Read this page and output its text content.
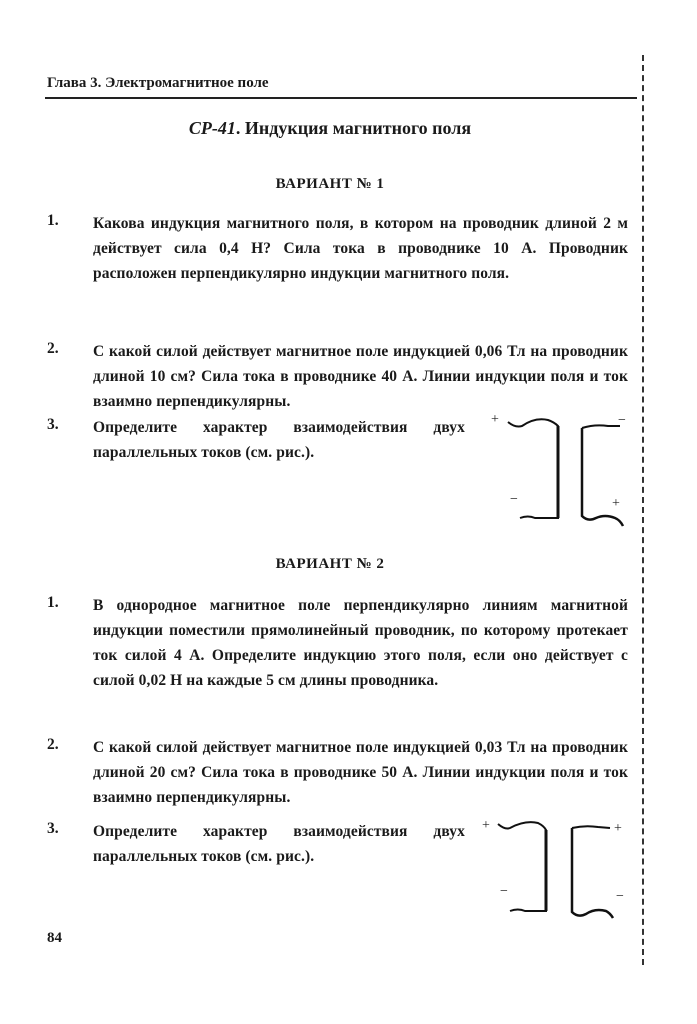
Глава 3. Электромагнитное поле
СР-41. Индукция магнитного поля
ВАРИАНТ № 1
1. Какова индукция магнитного поля, в котором на проводник длиной 2 м действует сила 0,4 Н? Сила тока в проводнике 10 А. Проводник расположен перпендикулярно индукции магнитного поля.
2. С какой силой действует магнитное поле индукцией 0,06 Тл на проводник длиной 10 см? Сила тока в проводнике 40 А. Линии индукции поля и ток взаимно перпендикулярны.
3. Определите характер взаимодействия двух параллельных токов (см. рис.).
+
−
−
+
ВАРИАНТ № 2
1. В однородное магнитное поле перпендикулярно линиям магнитной индукции поместили прямолинейный проводник, по которому протекает ток силой 4 А. Определите индукцию этого поля, если оно действует с силой 0,02 Н на каждые 5 см длины проводника.
2. С какой силой действует магнитное поле индукцией 0,03 Тл на проводник длиной 20 см? Сила тока в проводнике 50 А. Линии индукции поля и ток взаимно перпендикулярны.
3. Определите характер взаимодействия двух параллельных токов (см. рис.).
+
−
+
−
84
